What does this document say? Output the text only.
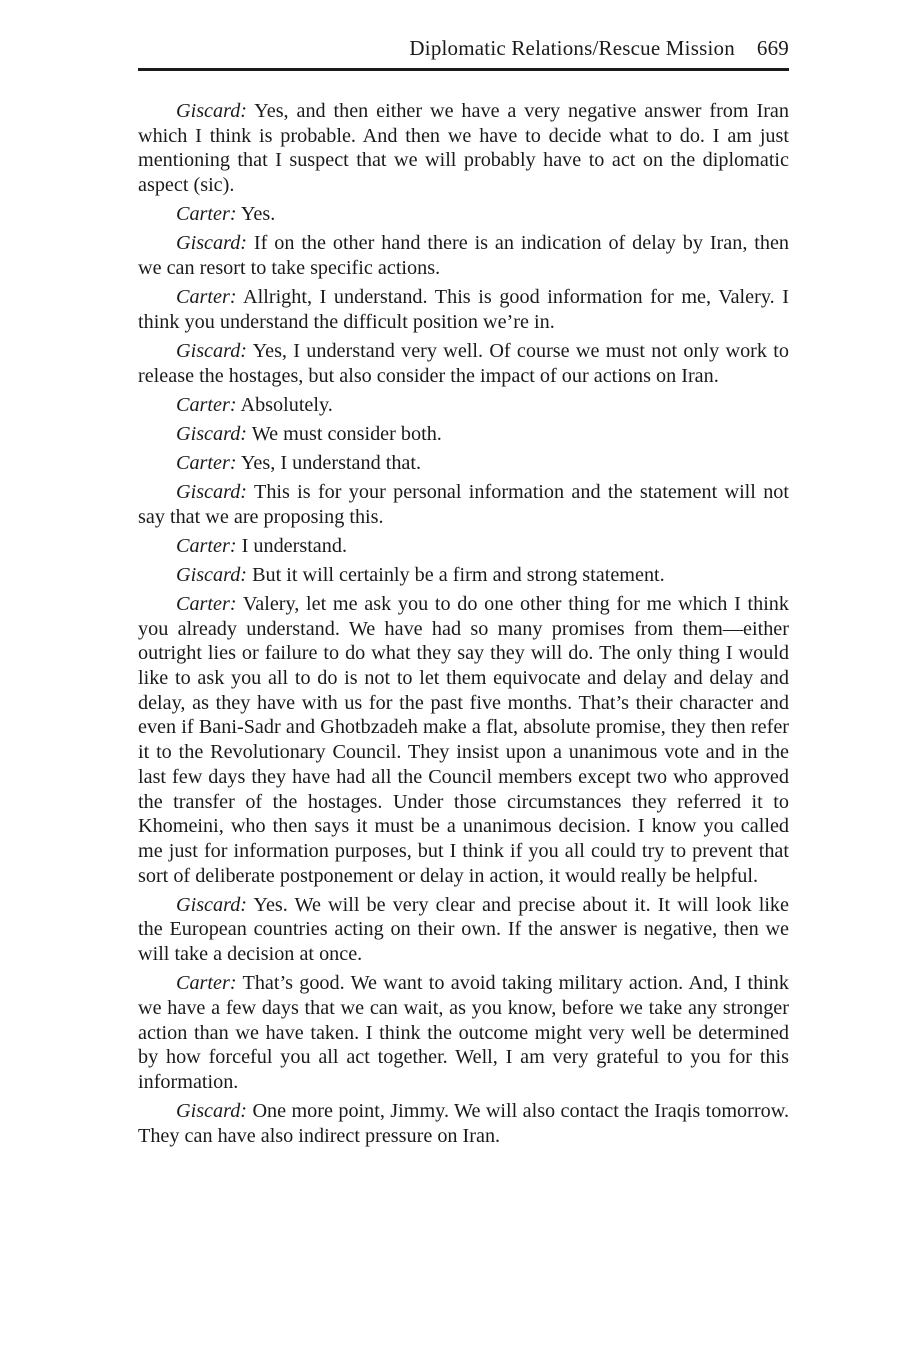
Diplomatic Relations/Rescue Mission 669

Giscard: Yes, and then either we have a very negative answer from Iran which I think is probable. And then we have to decide what to do. I am just mentioning that I suspect that we will probably have to act on the diplomatic aspect (sic).

Carter: Yes.

Giscard: If on the other hand there is an indication of delay by Iran, then we can resort to take specific actions.

Carter: Allright, I understand. This is good information for me, Valery. I think you understand the difficult position we’re in.

Giscard: Yes, I understand very well. Of course we must not only work to release the hostages, but also consider the impact of our actions on Iran.

Carter: Absolutely.

Giscard: We must consider both.

Carter: Yes, I understand that.

Giscard: This is for your personal information and the statement will not say that we are proposing this.

Carter: I understand.

Giscard: But it will certainly be a firm and strong statement.

Carter: Valery, let me ask you to do one other thing for me which I think you already understand. We have had so many promises from them—either outright lies or failure to do what they say they will do. The only thing I would like to ask you all to do is not to let them equivocate and delay and delay and delay, as they have with us for the past five months. That’s their character and even if Bani-Sadr and Ghotbzadeh make a flat, absolute promise, they then refer it to the Revolutionary Council. They insist upon a unanimous vote and in the last few days they have had all the Council members except two who approved the transfer of the hostages. Under those circumstances they referred it to Khomeini, who then says it must be a unanimous decision. I know you called me just for information purposes, but I think if you all could try to prevent that sort of deliberate postponement or delay in action, it would really be helpful.

Giscard: Yes. We will be very clear and precise about it. It will look like the European countries acting on their own. If the answer is negative, then we will take a decision at once.

Carter: That’s good. We want to avoid taking military action. And, I think we have a few days that we can wait, as you know, before we take any stronger action than we have taken. I think the outcome might very well be determined by how forceful you all act together. Well, I am very grateful to you for this information.

Giscard: One more point, Jimmy. We will also contact the Iraqis tomorrow. They can have also indirect pressure on Iran.
